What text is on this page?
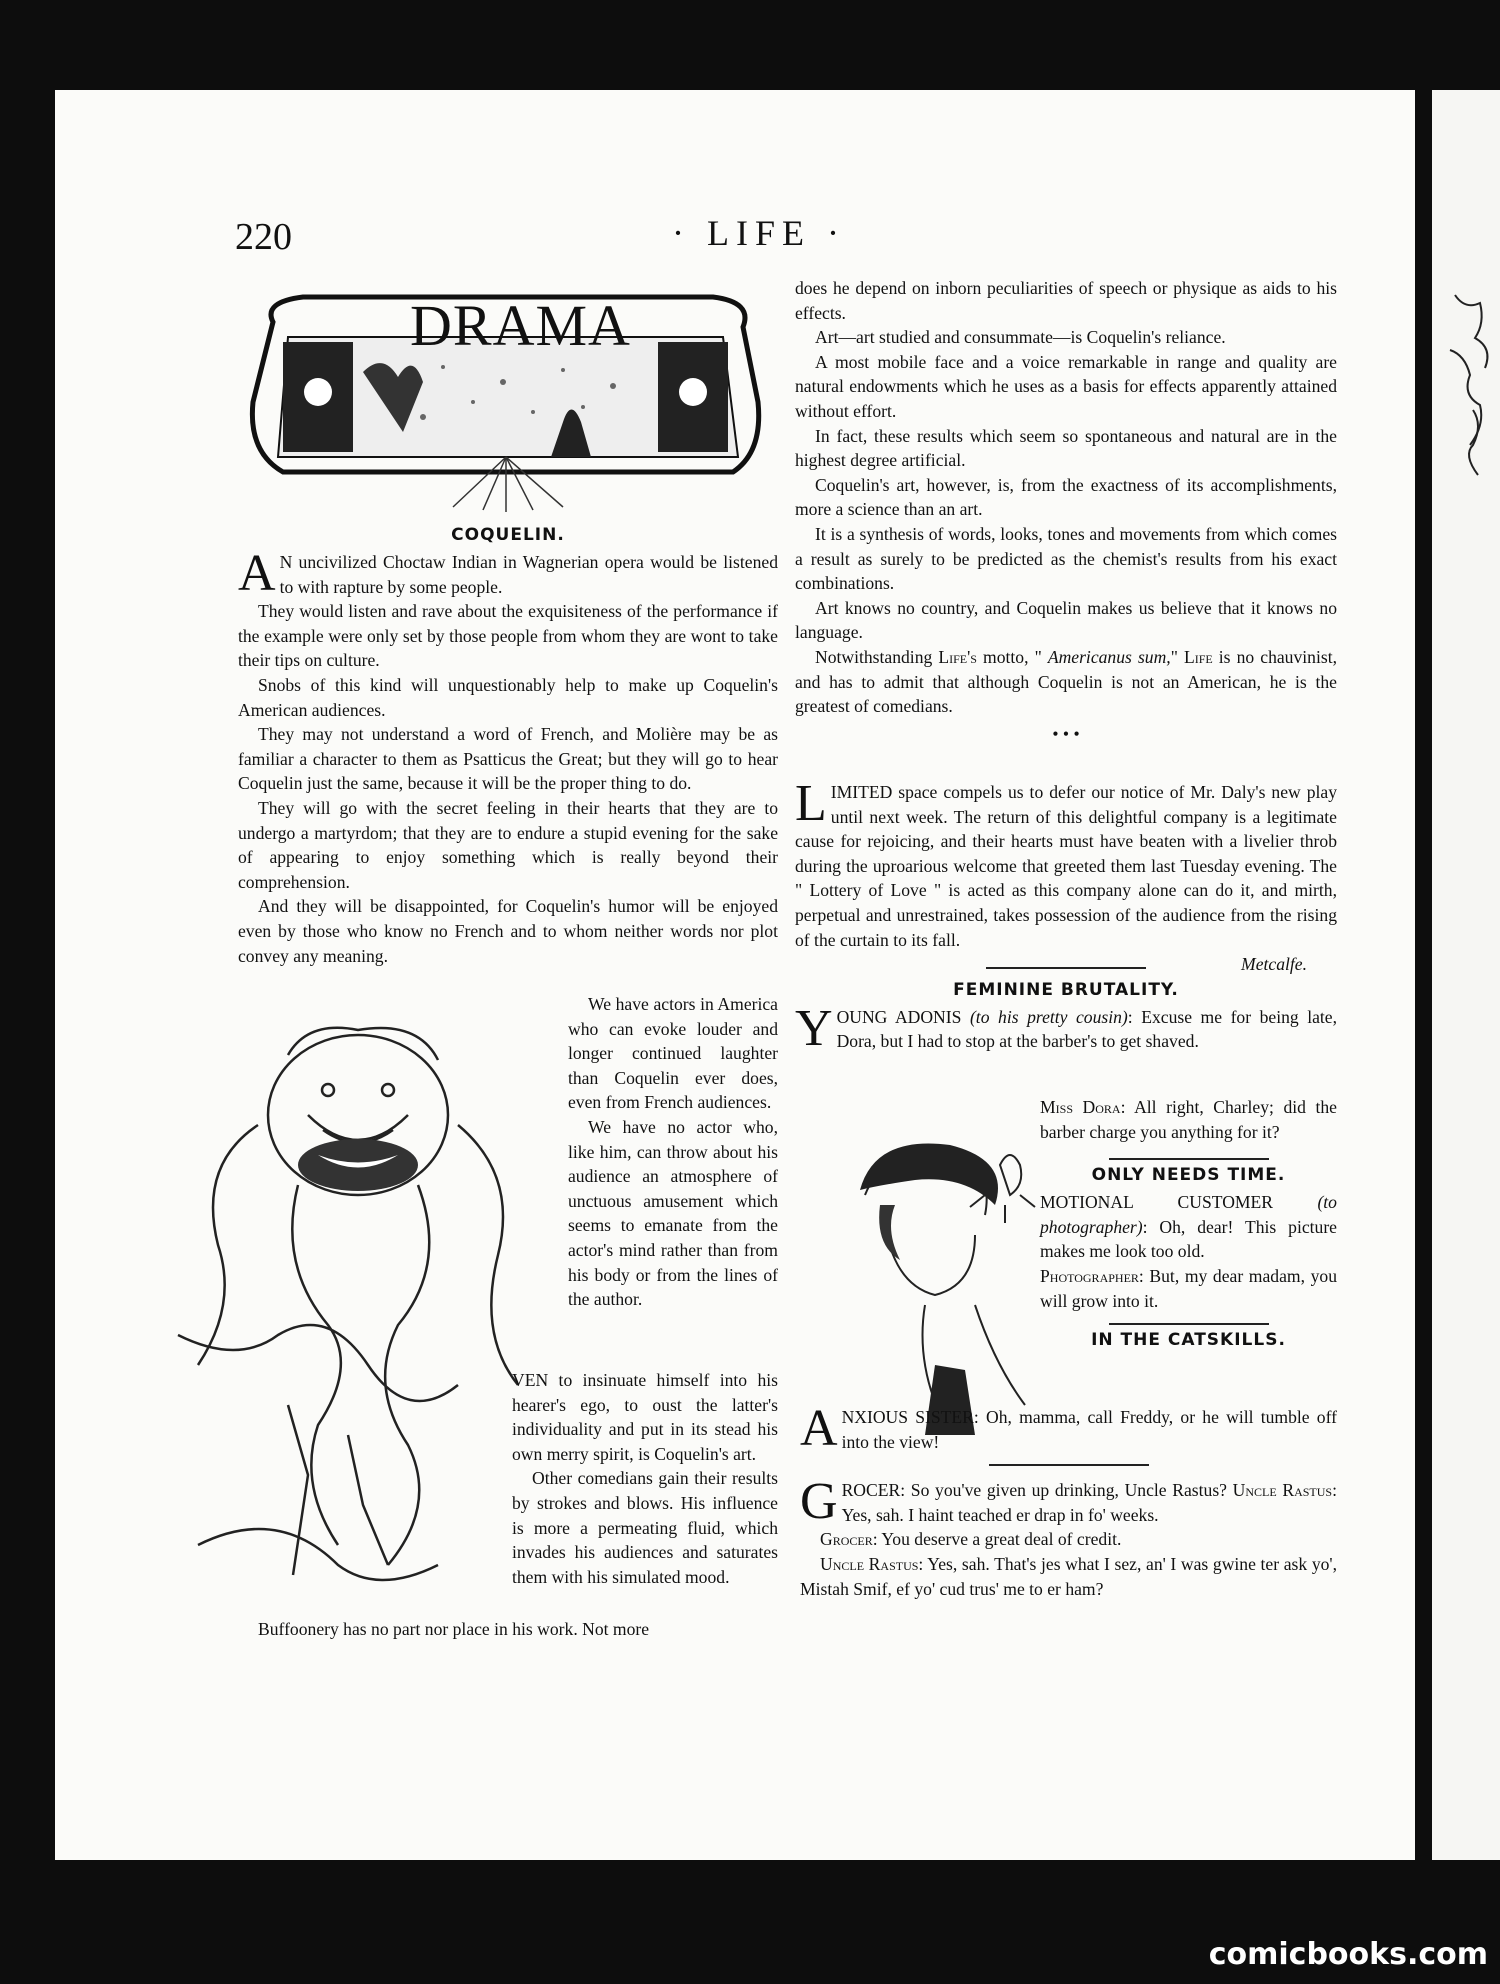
220	· LIFE ·
DRAMA
COQUELIN.

A N uncivilized Choctaw Indian in Wagnerian opera would be listened to with rapture by some people.

They would listen and rave about the exquisiteness of the performance if the example were only set by those people from whom they are wont to take their tips on culture.

Snobs of this kind will unquestionably help to make up Coquelin's American audiences.

They may not understand a word of French, and Molière may be as familiar a character to them as Psatticus the Great; but they will go to hear Coquelin just the same, because it will be the proper thing to do.

They will go with the secret feeling in their hearts that they are to undergo a martyrdom; that they are to endure a stupid evening for the sake of appearing to enjoy something which is really beyond their comprehension.

And they will be disappointed, for Coquelin's humor will be enjoyed even by those who know no French and to whom neither words nor plot convey any meaning.

We have actors in America who can evoke louder and longer continued laughter than Coquelin ever does, even from French audiences.

We have no actor who, like him, can throw about his audience an atmosphere of unctuous amusement which seems to emanate from the actor's mind rather than from his body or from the lines of the author.

VEN to insinuate himself into his hearer's ego, to oust the latter's individuality and put in its stead his own merry spirit, is Coquelin's art.

Other comedians gain their results by strokes and blows. His influence is more a permeating fluid, which invades his audiences and saturates them with his simulated mood.

Buffoonery has no part nor place in his work. Not more

does he depend on inborn peculiarities of speech or physique as aids to his effects.

Art—art studied and consummate—is Coquelin's reliance.

A most mobile face and a voice remarkable in range and quality are natural endowments which he uses as a basis for effects apparently attained without effort.

In fact, these results which seem so spontaneous and natural are in the highest degree artificial.

Coquelin's art, however, is, from the exactness of its accomplishments, more a science than an art.

It is a synthesis of words, looks, tones and movements from which comes a result as surely to be predicted as the chemist's results from his exact combinations.

Art knows no country, and Coquelin makes us believe that it knows no language.

Notwithstanding Life's motto, " Americanus sum," Life is no chauvinist, and has to admit that although Coquelin is not an American, he is the greatest of comedians.

• • •

LIMITED space compels us to defer our notice of Mr. Daly's new play until next week. The return of this delightful company is a legitimate cause for rejoicing, and their hearts must have beaten with a livelier throb during the uproarious welcome that greeted them last Tuesday evening. The " Lottery of Love " is acted as this company alone can do it, and mirth, perpetual and unrestrained, takes possession of the audience from the rising of the curtain to its fall.

Metcalfe.
FEMININE BRUTALITY.

YOUNG ADONIS (to his pretty cousin): Excuse me for being late, Dora, but I had to stop at the barber's to get shaved.

Miss Dora: All right, Charley; did the barber charge you anything for it?

ONLY NEEDS TIME.

MOTIONAL CUSTOMER	(to photographer): Oh, dear! This picture makes me look too old.

Photographer: But, my dear madam, you will grow into it.

IN THE CATSKILLS.

ANXIOUS SISTER: Oh, mamma, call Freddy, or he will tumble off into the view!

GROCER: So you've given up drinking, Uncle Rastus? Uncle Rastus: Yes, sah. I haint teached er drap in fo' weeks.

Grocer: You deserve a great deal of credit.

Uncle Rastus: Yes, sah. That's jes what I sez, an' I was gwine ter ask yo', Mistah Smif, ef yo' cud trus' me to er ham?

comicbooks.com
